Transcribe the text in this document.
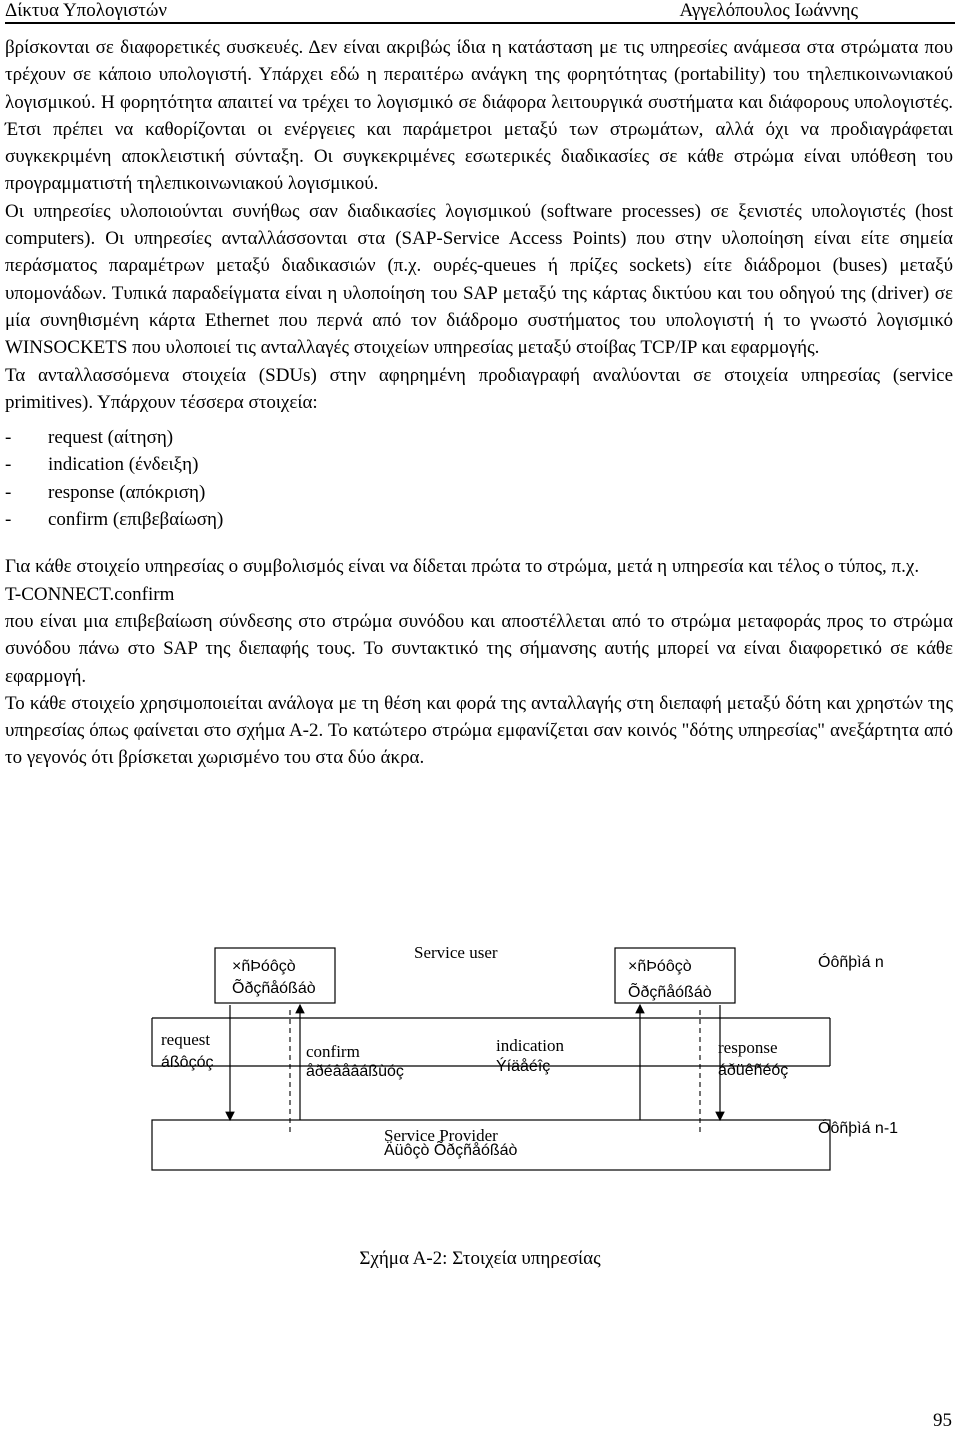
Δίκτυα Υπολογιστών	Αγγελόπουλος Ιωάννης

βρίσκονται σε διαφορετικές συσκευές. Δεν είναι ακριβώς ίδια η κατάσταση με τις υπηρεσίες ανάμεσα στα στρώματα που τρέχουν σε κάποιο υπολογιστή. Υπάρχει εδώ η περαιτέρω ανάγκη της φορητότητας (portability) του τηλεπικοινωνιακού λογισμικού. Η φορητότητα απαιτεί να τρέχει το λογισμικό σε διάφορα λειτουργικά συστήματα και διάφορους υπολογιστές. Έτσι πρέπει να καθορίζονται οι ενέργειες και παράμετροι μεταξύ των στρωμάτων, αλλά όχι να προδιαγράφεται συγκεκριμένη αποκλειστική σύνταξη. Οι συγκεκριμένες εσωτερικές διαδικασίες σε κάθε στρώμα είναι υπόθεση του προγραμματιστή τηλεπικοινωνιακού λογισμικού.

Οι υπηρεσίες υλοποιούνται συνήθως σαν διαδικασίες λογισμικού (software processes) σε ξενιστές υπολογιστές (host computers). Οι υπηρεσίες ανταλλάσσονται στα (SAP-Service Access Points) που στην υλοποίηση είναι είτε σημεία περάσματος παραμέτρων μεταξύ διαδικασιών (π.χ. ουρές-queues ή πρίζες sockets) είτε διάδρομοι (buses) μεταξύ υπομονάδων. Τυπικά παραδείγματα είναι η υλοποίηση του SAP μεταξύ της κάρτας δικτύου και του οδηγού της (driver) σε μία συνηθισμένη κάρτα Ethernet που περνά από τον διάδρομο συστήματος του υπολογιστή ή το γνωστό λογισμικό WINSOCKETS που υλοποιεί τις ανταλλαγές στοιχείων υπηρεσίας μεταξύ στοίβας TCP/IP και εφαρμογής.

Τα ανταλλασσόμενα στοιχεία (SDUs) στην αφηρημένη προδιαγραφή αναλύονται σε στοιχεία υπηρεσίας (service primitives). Υπάρχουν τέσσερα στοιχεία:

-	request (αίτηση)
-	indication (ένδειξη)
-	response (απόκριση)
-	confirm (επιβεβαίωση)

Για κάθε στοιχείο υπηρεσίας ο συμβολισμός είναι να δίδεται πρώτα το στρώμα, μετά η υπηρεσία και τέλος ο τύπος, π.χ.

T-CONNECT.confirm

που είναι μια επιβεβαίωση σύνδεσης στο στρώμα συνόδου και αποστέλλεται από το στρώμα μεταφοράς προς το στρώμα συνόδου πάνω στο SAP της διεπαφής τους. Το συντακτικό της σήμανσης αυτής μπορεί να είναι διαφορετικό σε κάθε εφαρμογή.

Το κάθε στοιχείο χρησιμοποιείται ανάλογα με τη θέση και φορά της ανταλλαγής στη διεπαφή μεταξύ δότη και χρηστών της υπηρεσίας όπως φαίνεται στο σχήμα Α-2. Το κατώτερο στρώμα εμφανίζεται σαν κοινός "δότης υπηρεσίας" ανεξάρτητα από το γεγονός ότι βρίσκεται χωρισμένο του στα δύο άκρα.

Service user
×ñÞóôçò
Õðçñåóßáò
×ñÞóôçò
Õðçñåóßáò
Óôñþìá n
request
áßôçóç
confirm
åðéâåâáßùóç
indication
Ýíäåéîç
response
áðüêñéóç
Service Provider
Äüôçò Õðçñåóßáò
Óôñþìá n-1
Σχήμα Α-2: Στοιχεία υπηρεσίας
95
